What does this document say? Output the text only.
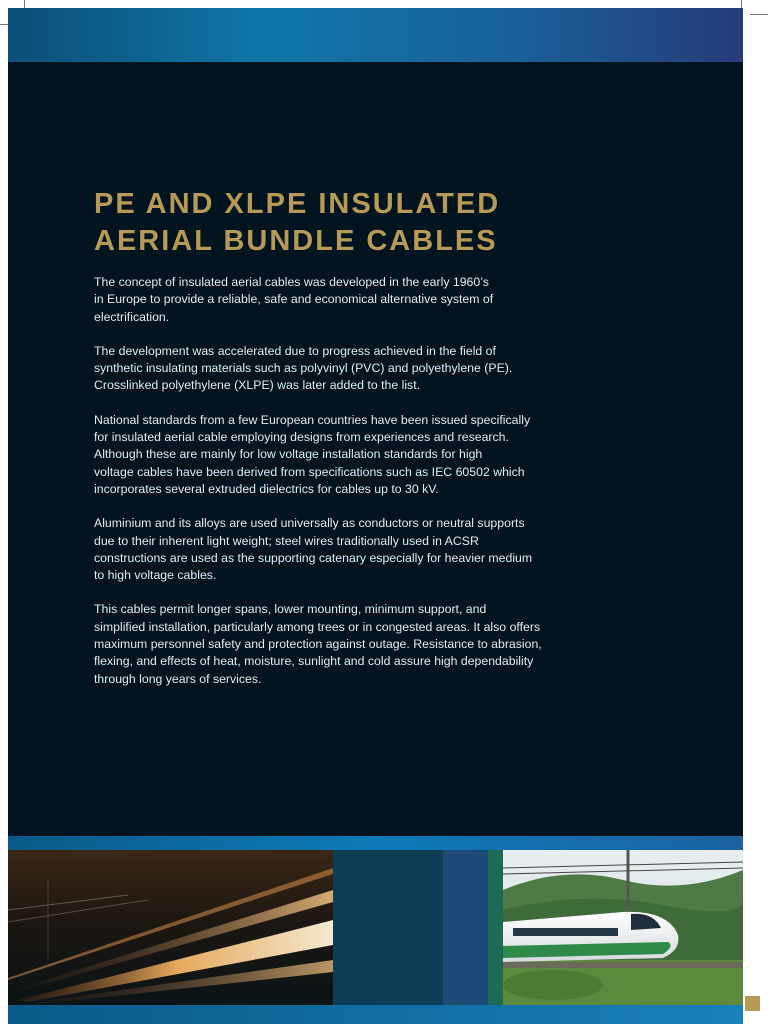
PE AND XLPE INSULATED
AERIAL BUNDLE CABLES

The concept of insulated aerial cables was developed in the early 1960’s
in Europe to provide a reliable, safe and economical alternative system of
electrification.

The development was accelerated due to progress achieved in the field of
synthetic insulating materials such as polyvinyl (PVC) and polyethylene (PE).
Crosslinked polyethylene (XLPE) was later added to the list.

National standards from a few European countries have been issued specifically
for insulated aerial cable employing designs from experiences and research.
Although these are mainly for low voltage installation standards for high
voltage cables have been derived from specifications such as IEC 60502 which
incorporates several extruded dielectrics for cables up to 30 kV.

Aluminium and its alloys are used universally as conductors or neutral supports
due to their inherent light weight; steel wires traditionally used in ACSR
constructions are used as the supporting catenary especially for heavier medium
to high voltage cables.

This cables permit longer spans, lower mounting, minimum support, and
simplified installation, particularly among trees or in congested areas. It also offers
maximum personnel safety and protection against outage. Resistance to abrasion,
flexing, and effects of heat, moisture, sunlight and cold assure high dependability
through long years of services.
